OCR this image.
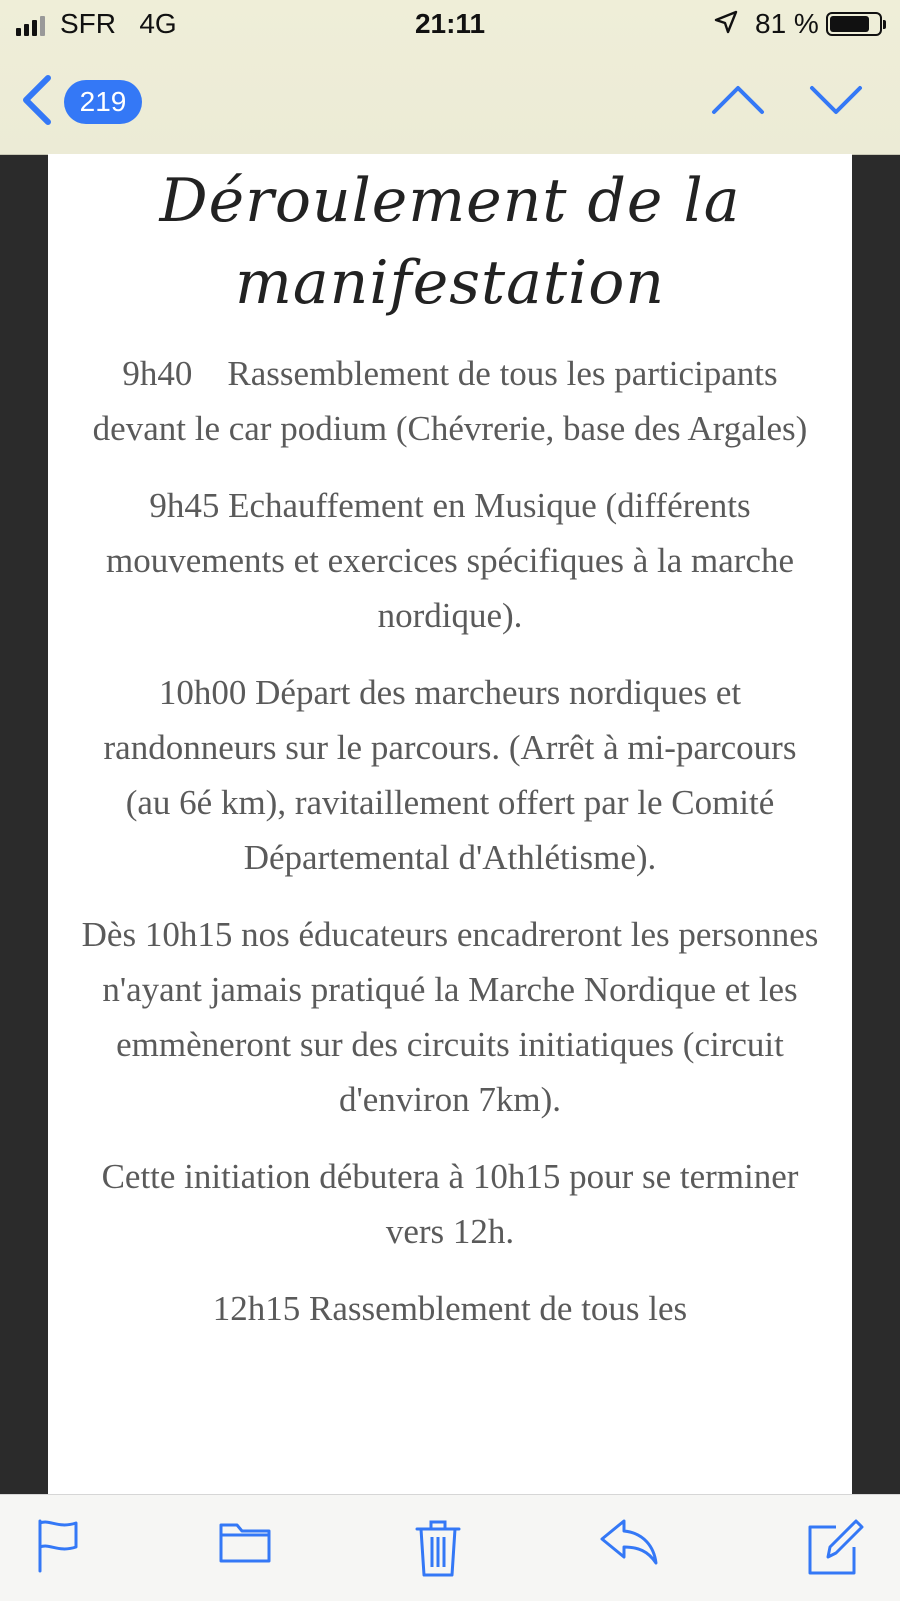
SFR 4G	21:11	81 %
219
Déroulement de la manifestation

9h40    Rassemblement de tous les participants devant le car podium (Chévrerie, base des Argales)

9h45 Echauffement en Musique (différents mouvements et exercices spécifiques à la marche nordique).

10h00 Départ des marcheurs nordiques et randonneurs sur le parcours. (Arrêt à mi-parcours (au 6é km), ravitaillement offert par le Comité Départemental d'Athlétisme).

Dès 10h15 nos éducateurs encadreront les personnes n'ayant jamais pratiqué la Marche Nordique et les emmèneront sur des circuits initiatiques (circuit d'environ 7km).

Cette initiation débutera à 10h15 pour se terminer vers 12h.

12h15 Rassemblement de tous les
